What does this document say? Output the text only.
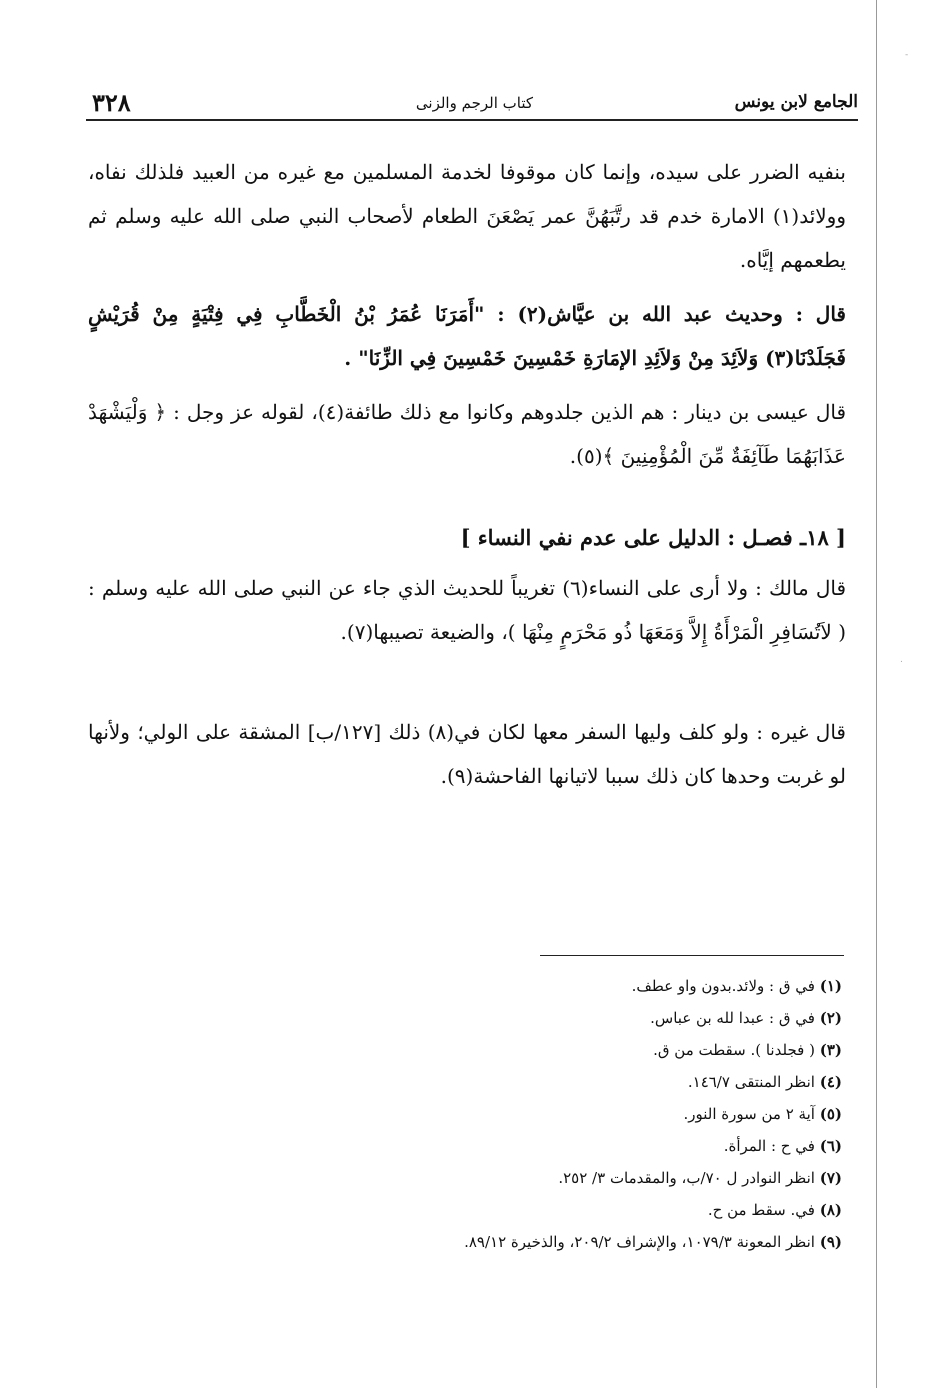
-
.
الجامع لابن يونس
كتاب الرجم والزنى
٣٢٨

بنفيه الضرر على سيده، وإنما كان موقوفا لخدمة المسلمين مع غيره من العبيد فلذلك نفاه، وولائد(١) الامارة خدم قد رتَّبَهُنَّ عمر يَصْعَنَ الطعام لأصحاب النبي صلى الله عليه وسلم ثم يطعمهم إيَّاه.

قال : وحديث عبد الله بن عيَّاش(٢) : "أَمَرَنَا عُمَرُ بْنُ الْخَطَّابِ فِي فِتْيَةٍ مِنْ قُرَيْشٍ فَجَلَدْنَا(٣) وَلاَئِدَ مِنْ وَلاَئِدِ الإمَارَةِ خَمْسِينَ خَمْسِينَ فِي الزِّنَا" .

قال عيسى بن دينار : هم الذين جلدوهم وكانوا مع ذلك طائفة(٤)، لقوله عز وجل : ﴿ وَلْيَشْهَدْ عَذَابَهُمَا طَآئِفَةٌ مِّنَ الْمُؤْمِنِينَ ﴾(٥).

[ ١٨ـ فصـل : الدليل على عدم نفي النساء ]

قال مالك : ولا أرى على النساء(٦) تغريباً للحديث الذي جاء عن النبي صلى الله عليه وسلم : ( لاَتُسَافِرِ الْمَرْأَةُ إِلاَّ وَمَعَهَا ذُو مَحْرَمٍ مِنْهَا )، والضيعة تصيبها(٧).

قال غيره : ولو كلف وليها السفر معها لكان في(٨) ذلك [١٢٧/ب] المشقة على الولي؛ ولأنها لو غربت وحدها كان ذلك سببا لاتيانها الفاحشة(٩).

(١) في ق : ولائد.بدون واو عطف.
(٢) في ق : عبدا لله بن عباس.
(٣) ( فجلدنا ). سقطت من ق.
(٤) انظر المنتقى ١٤٦/٧.
(٥) آية ٢ من سورة النور.
(٦) في ح : المرأة.
(٧) انظر النوادر ل ٧٠/ب، والمقدمات ٣/ ٢٥٢.
(٨) في. سقط من ح.
(٩) انظر المعونة ١٠٧٩/٣، والإشراف ٢٠٩/٢، والذخيرة ٨٩/١٢.
